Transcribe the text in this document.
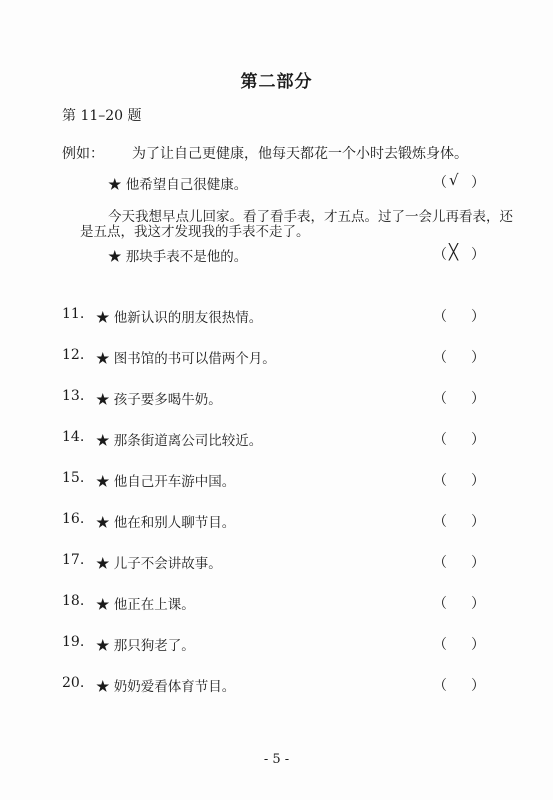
第二部分
第 11–20 题
例如： 为了让自己更健康，他每天都花一个小时去锻炼身体。
★ 他希望自己很健康。	（ √ ）
今天我想早点儿回家。看了看手表，才五点。过了一会儿再看表，还
是五点，我这才发现我的手表不走了。
★ 那块手表不是他的。	（ ╳ ）
11. ★ 他新认识的朋友很热情。	（ ）
12. ★ 图书馆的书可以借两个月。	（ ）
13. ★ 孩子要多喝牛奶。	（ ）
14. ★ 那条街道离公司比较近。	（ ）
15. ★ 他自己开车游中国。	（ ）
16. ★ 他在和别人聊节目。	（ ）
17. ★ 儿子不会讲故事。	（ ）
18. ★ 他正在上课。	（ ）
19. ★ 那只狗老了。	（ ）
20. ★ 奶奶爱看体育节目。	（ ）
- 5 -
